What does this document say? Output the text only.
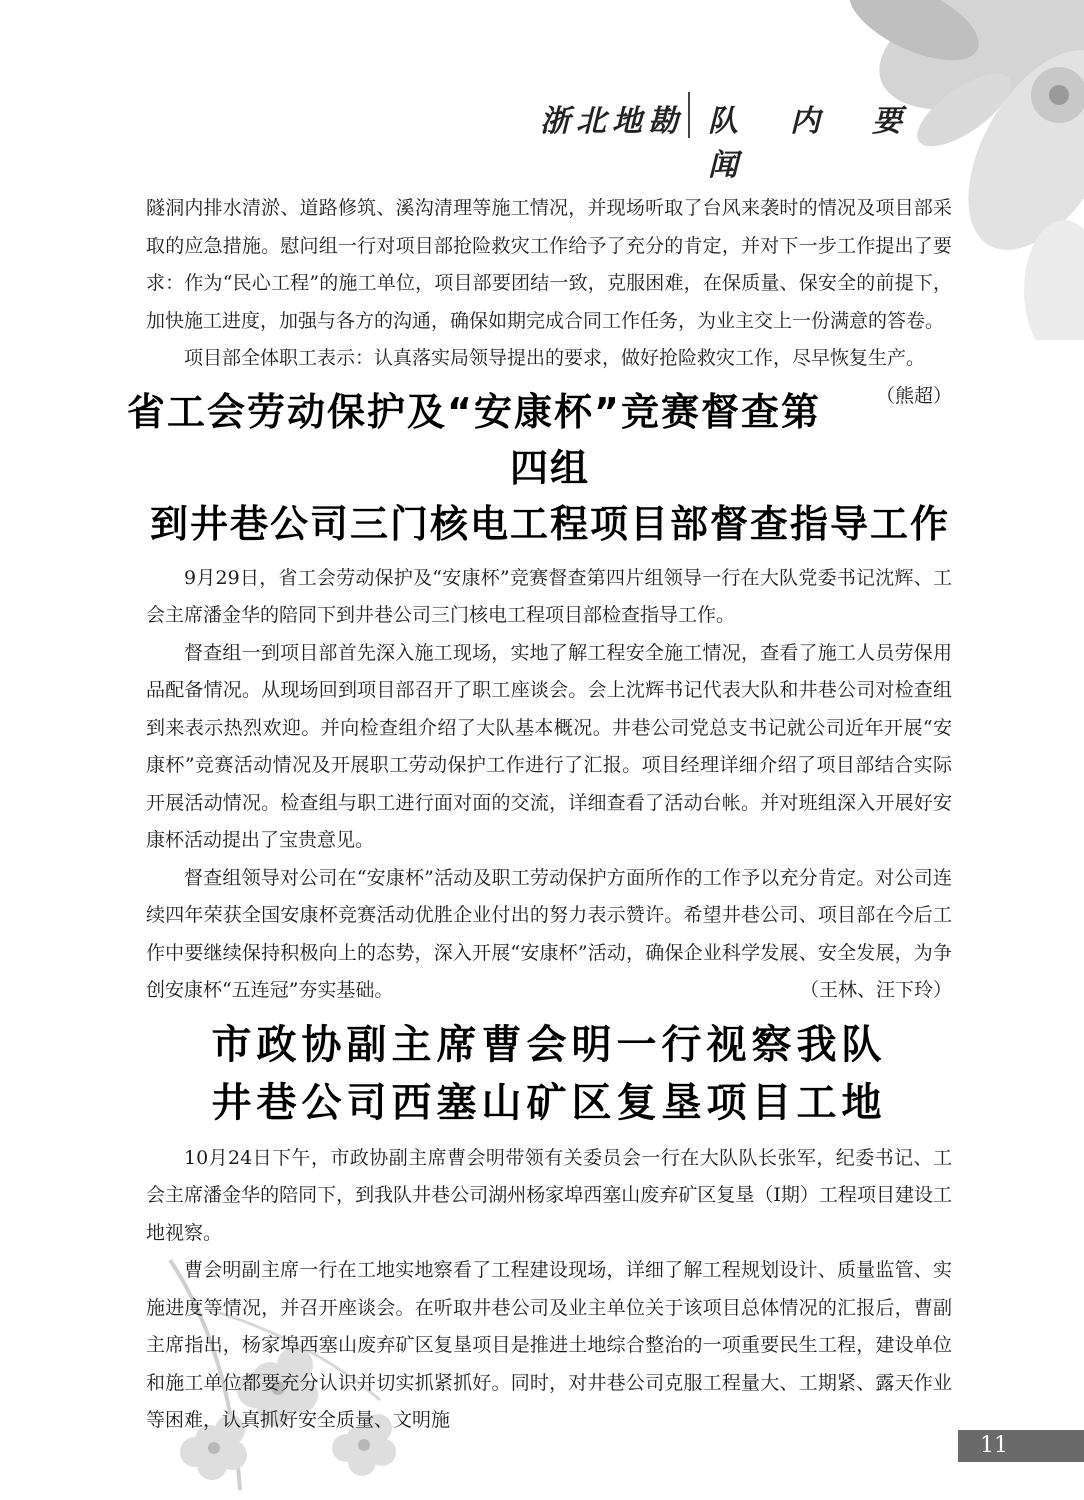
浙北地勘 队内要闻

隧洞内排水清淤、道路修筑、溪沟清理等施工情况，并现场听取了台风来袭时的情况及项目部采取的应急措施。慰问组一行对项目部抢险救灾工作给予了充分的肯定，并对下一步工作提出了要求：作为“民心工程”的施工单位，项目部要团结一致，克服困难，在保质量、保安全的前提下，加快施工进度，加强与各方的沟通，确保如期完成合同工作任务，为业主交上一份满意的答卷。

项目部全体职工表示：认真落实局领导提出的要求，做好抢险救灾工作，尽早恢复生产。
（熊超）

省工会劳动保护及“安康杯”竞赛督查第四组
到井巷公司三门核电工程项目部督查指导工作

9月29日，省工会劳动保护及“安康杯”竞赛督查第四片组领导一行在大队党委书记沈辉、工会主席潘金华的陪同下到井巷公司三门核电工程项目部检查指导工作。

督查组一到项目部首先深入施工现场，实地了解工程安全施工情况，查看了施工人员劳保用品配备情况。从现场回到项目部召开了职工座谈会。会上沈辉书记代表大队和井巷公司对检查组到来表示热烈欢迎。并向检查组介绍了大队基本概况。井巷公司党总支书记就公司近年开展“安康杯”竞赛活动情况及开展职工劳动保护工作进行了汇报。项目经理详细介绍了项目部结合实际开展活动情况。检查组与职工进行面对面的交流，详细查看了活动台帐。并对班组深入开展好安康杯活动提出了宝贵意见。

督查组领导对公司在“安康杯”活动及职工劳动保护方面所作的工作予以充分肯定。对公司连续四年荣获全国安康杯竞赛活动优胜企业付出的努力表示赞许。希望井巷公司、项目部在今后工作中要继续保持积极向上的态势，深入开展“安康杯”活动，确保企业科学发展、安全发展，为争创安康杯“五连冠”夯实基础。	（王林、汪下玲）

市政协副主席曹会明一行视察我队
井巷公司西塞山矿区复垦项目工地

10月24日下午，市政协副主席曹会明带领有关委员会一行在大队队长张军，纪委书记、工会主席潘金华的陪同下，到我队井巷公司湖州杨家埠西塞山废弃矿区复垦（I期）工程项目建设工地视察。

曹会明副主席一行在工地实地察看了工程建设现场，详细了解工程规划设计、质量监管、实施进度等情况，并召开座谈会。在听取井巷公司及业主单位关于该项目总体情况的汇报后，曹副主席指出，杨家埠西塞山废弃矿区复垦项目是推进土地综合整治的一项重要民生工程，建设单位和施工单位都要充分认识并切实抓紧抓好。同时，对井巷公司克服工程量大、工期紧、露天作业等困难，认真抓好安全质量、文明施

11
